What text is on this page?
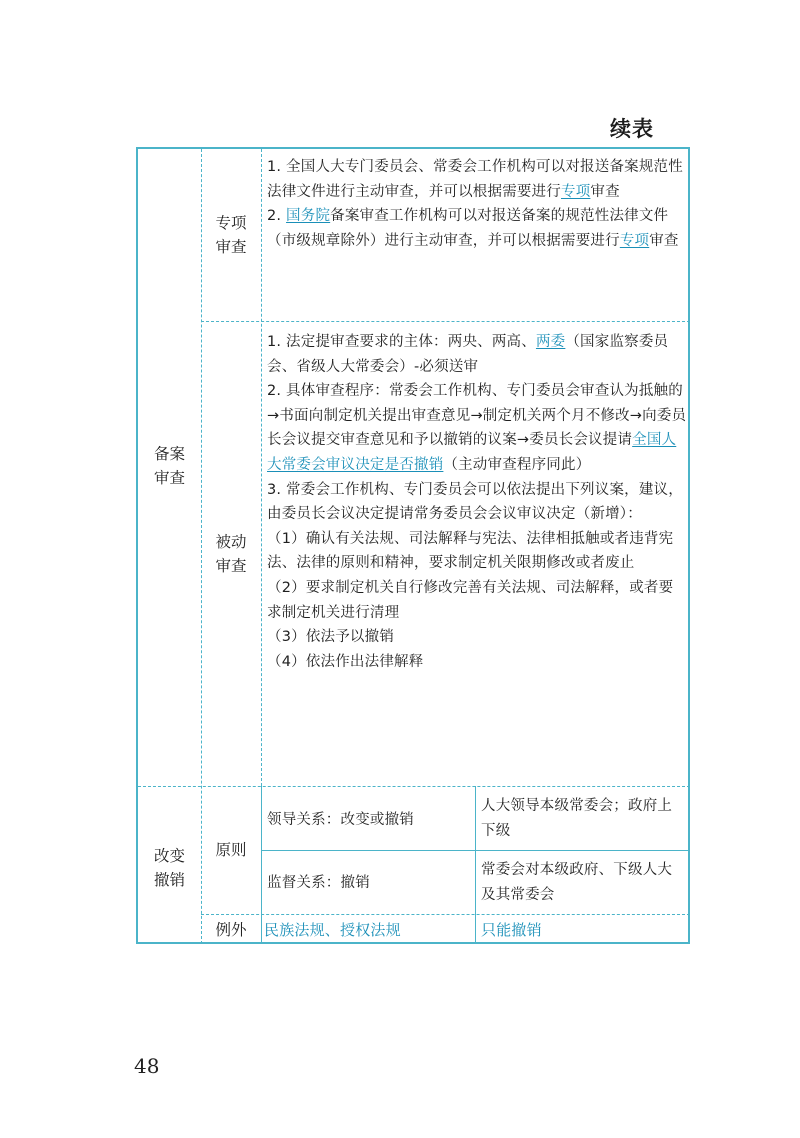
续表
备案
审查
专项
审查
被动
审查
改变
撤销
原则
例外

1. 全国人大专门委员会、常委会工作机构可以对报送备案规范性法律文件进行主动审查，并可以根据需要进行专项审查

2. 国务院备案审查工作机构可以对报送备案的规范性法律文件（市级规章除外）进行主动审查，并可以根据需要进行专项审查

1. 法定提审查要求的主体：两央、两高、两委（国家监察委员会、省级人大常委会）-必须送审

2. 具体审查程序：常委会工作机构、专门委员会审查认为抵触的→书面向制定机关提出审查意见→制定机关两个月不修改→向委员长会议提交审查意见和予以撤销的议案→委员长会议提请全国人大常委会审议决定是否撤销（主动审查程序同此）

3. 常委会工作机构、专门委员会可以依法提出下列议案，建议，由委员长会议决定提请常务委员会会议审议决定（新增）：

（1）确认有关法规、司法解释与宪法、法律相抵触或者违背宪法、法律的原则和精神，要求制定机关限期修改或者废止

（2）要求制定机关自行修改完善有关法规、司法解释，或者要求制定机关进行清理

（3）依法予以撤销

（4）依法作出法律解释

领导关系：改变或撤销
人大领导本级常委会；政府上下级
监督关系：撤销
常委会对本级政府、下级人大及其常委会
民族法规、授权法规	只能撤销
48
